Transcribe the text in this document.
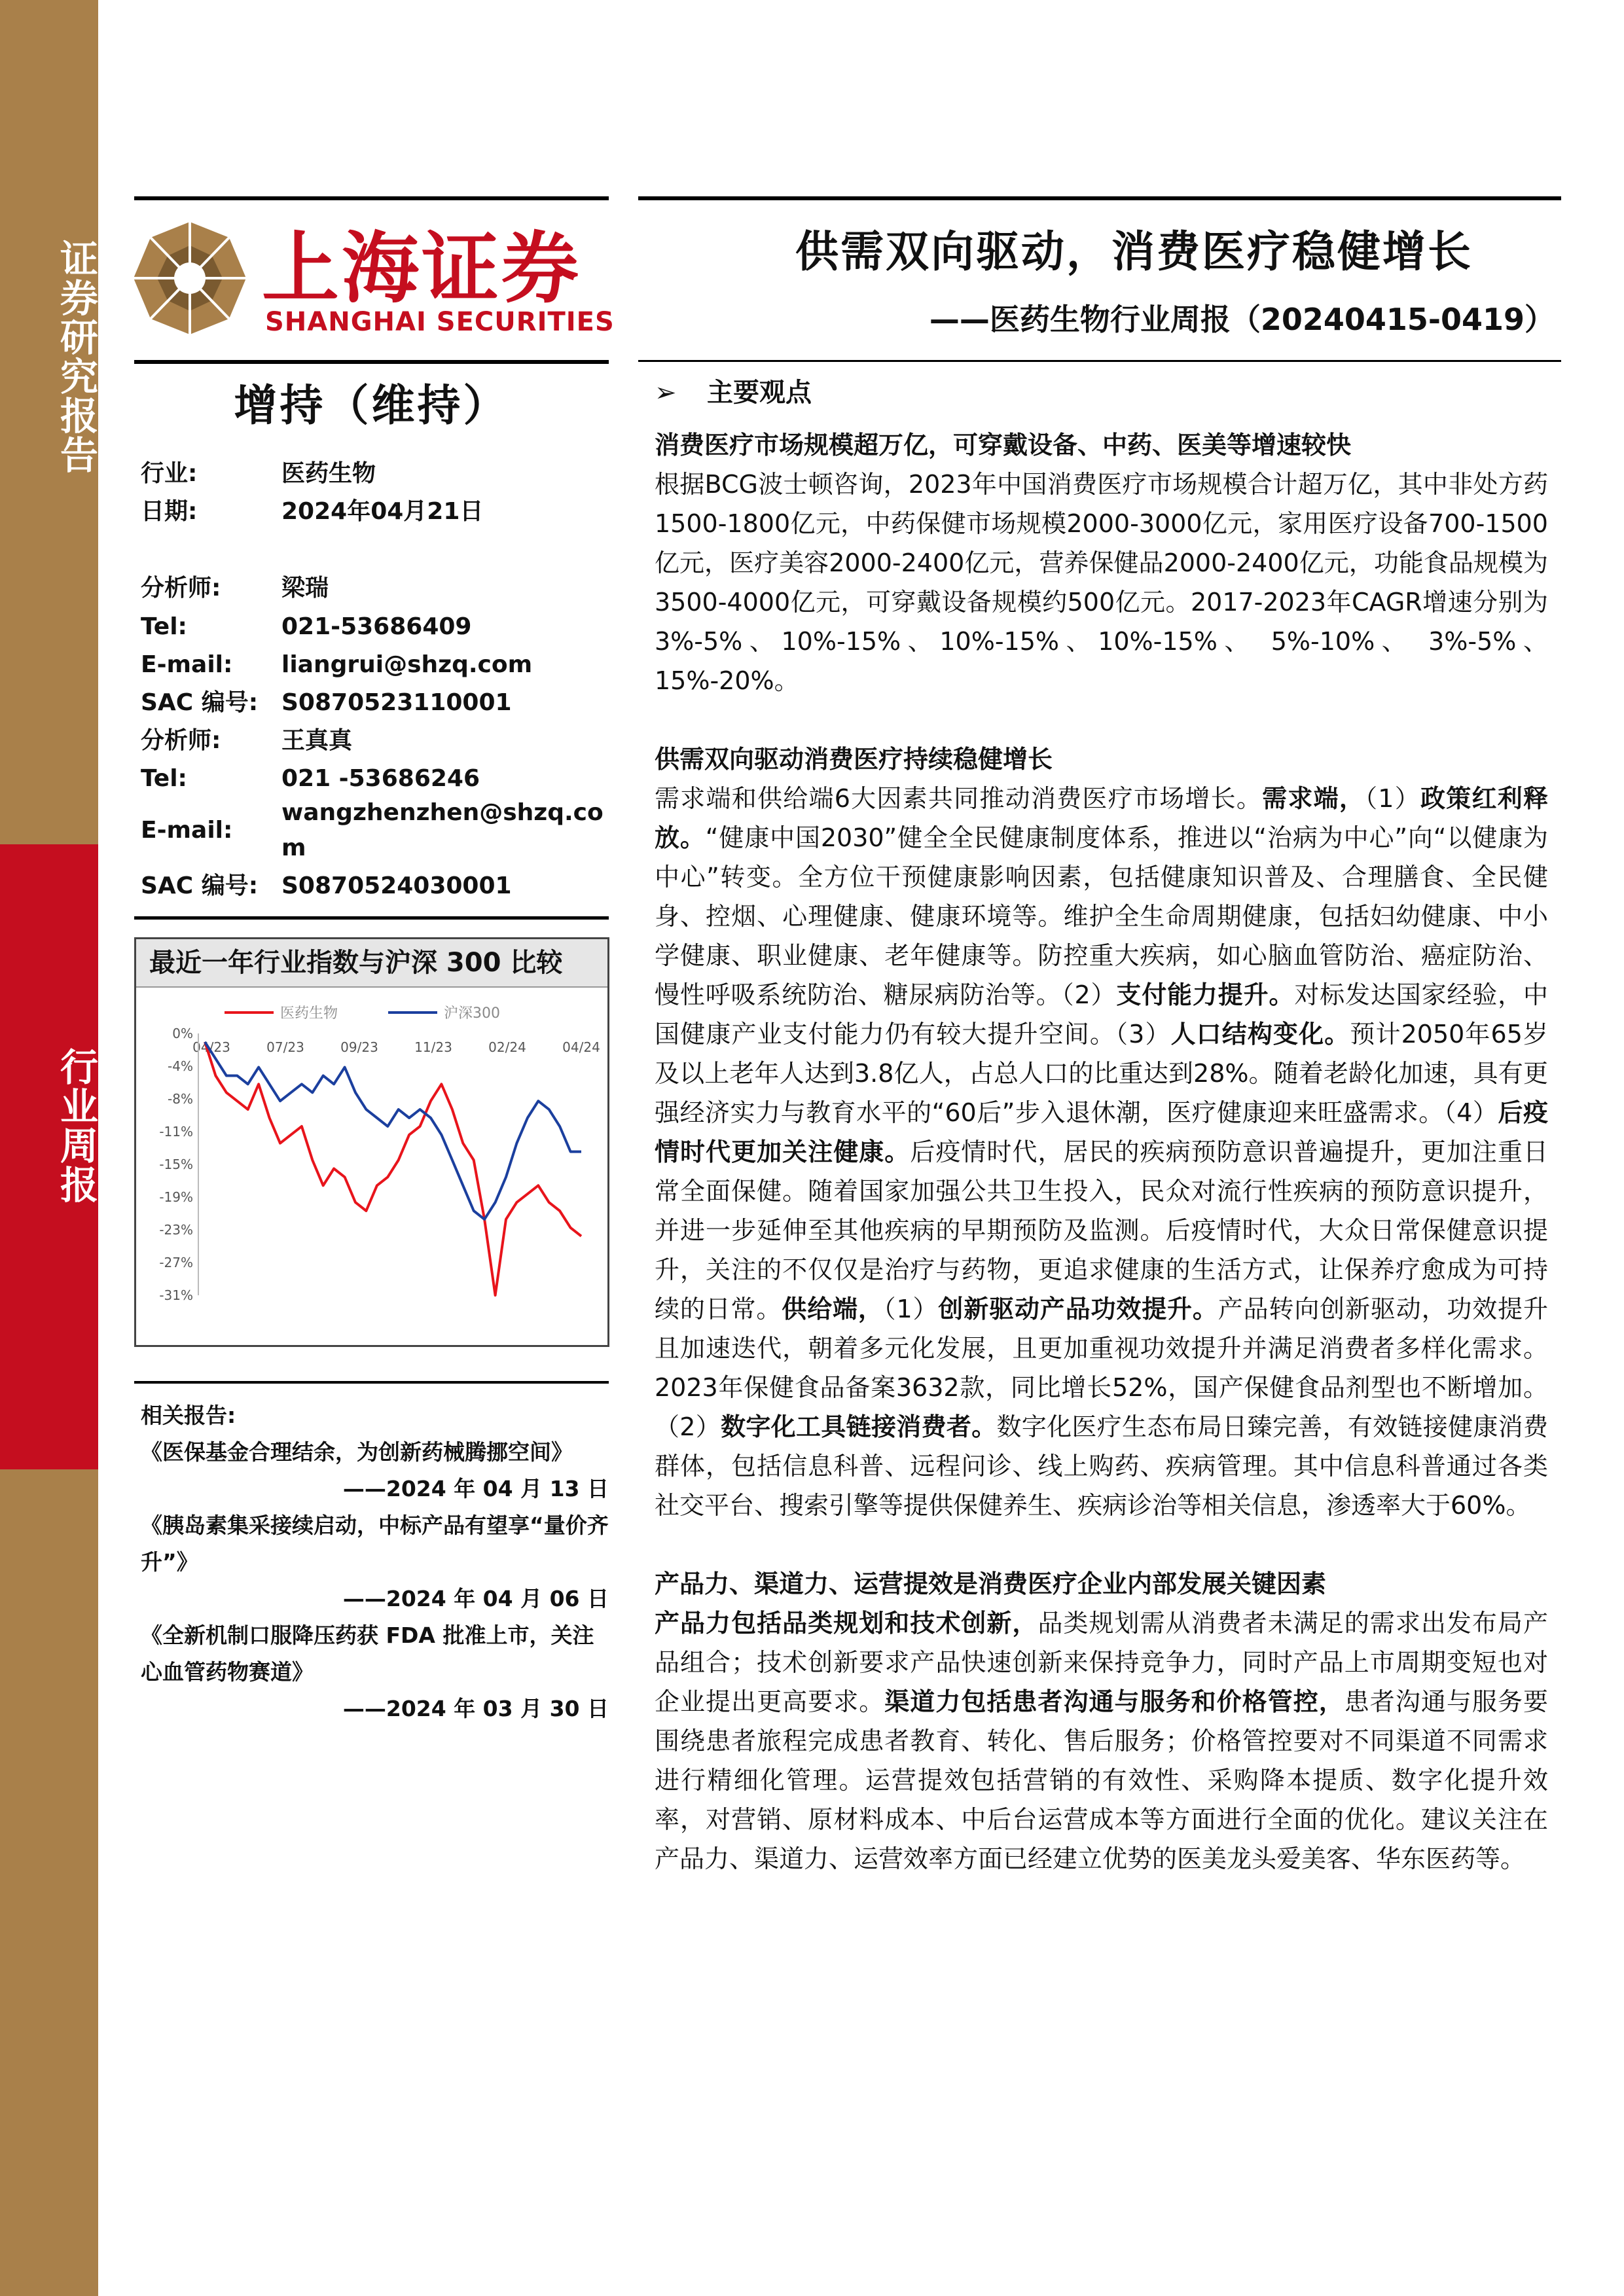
证券研究报告
行业周报
上海证券
SHANGHAI SECURITIES
供需双向驱动，消费医疗稳健增长
——医药生物行业周报（20240415-0419）
增持（维持）
行业:	医药生物
日期:	2024年04月21日
分析师:	梁瑞
Tel:	021-53686409
E-mail: liangrui@shzq.com
SAC 编号: S0870523110001
分析师:	王真真
Tel:	021 -53686246
E-mail:
wangzhenzhen@shzq.com
SAC 编号: S0870524030001
最近一年行业指数与沪深 300 比较
医药生物	沪深300
0%
-4%
-8%
-11%
-15%
-19%
-23%
-27%
-31%
04/23	07/23	09/23	11/23	02/24	04/24
相关报告:
《医保基金合理结余，为创新药械腾挪空间》
——2024 年 04 月 13 日
《胰岛素集采接续启动，中标产品有望享“量价齐升”》
——2024 年 04 月 06 日
《全新机制口服降压药获 FDA 批准上市，关注心血管药物赛道》
——2024 年 03 月 30 日
➢ 主要观点
消费医疗市场规模超万亿，可穿戴设备、中药、医美等增速较快
根据BCG波士顿咨询，2023年中国消费医疗市场规模合计超万亿，其中非处方药1500-1800亿元，中药保健市场规模2000-3000亿元，家用医疗设备700-1500亿元，医疗美容2000-2400亿元，营养保健品2000-2400亿元，功能食品规模为3500-4000亿元，可穿戴设备规模约500亿元。2017-2023年CAGR增速分别为3%-5%、10%-15%、10%-15%、10%-15%、 5%-10%、 3%-5%、15%-20%。
供需双向驱动消费医疗持续稳健增长
需求端和供给端6大因素共同推动消费医疗市场增长。需求端，（1）政策红利释放。“健康中国2030”健全全民健康制度体系，推进以“治病为中心”向“以健康为中心”转变。全方位干预健康影响因素，包括健康知识普及、合理膳食、全民健身、控烟、心理健康、健康环境等。维护全生命周期健康，包括妇幼健康、中小学健康、职业健康、老年健康等。防控重大疾病，如心脑血管防治、癌症防治、慢性呼吸系统防治、糖尿病防治等。（2）支付能力提升。对标发达国家经验，中国健康产业支付能力仍有较大提升空间。（3）人口结构变化。预计2050年65岁及以上老年人达到3.8亿人，占总人口的比重达到28%。随着老龄化加速，具有更强经济实力与教育水平的“60后”步入退休潮，医疗健康迎来旺盛需求。（4）后疫情时代更加关注健康。后疫情时代，居民的疾病预防意识普遍提升，更加注重日常全面保健。随着国家加强公共卫生投入，民众对流行性疾病的预防意识提升，并进一步延伸至其他疾病的早期预防及监测。后疫情时代，大众日常保健意识提升，关注的不仅仅是治疗与药物，更追求健康的生活方式，让保养疗愈成为可持续的日常。供给端，（1）创新驱动产品功效提升。产品转向创新驱动，功效提升且加速迭代，朝着多元化发展，且更加重视功效提升并满足消费者多样化需求。2023年保健食品备案3632款，同比增长52%，国产保健食品剂型也不断增加。（2）数字化工具链接消费者。数字化医疗生态布局日臻完善，有效链接健康消费群体，包括信息科普、远程问诊、线上购药、疾病管理。其中信息科普通过各类社交平台、搜索引擎等提供保健养生、疾病诊治等相关信息，渗透率大于60%。
产品力、渠道力、运营提效是消费医疗企业内部发展关键因素
产品力包括品类规划和技术创新，品类规划需从消费者未满足的需求出发布局产品组合；技术创新要求产品快速创新来保持竞争力，同时产品上市周期变短也对企业提出更高要求。渠道力包括患者沟通与服务和价格管控，患者沟通与服务要围绕患者旅程完成患者教育、转化、售后服务；价格管控要对不同渠道不同需求进行精细化管理。运营提效包括营销的有效性、采购降本提质、数字化提升效率，对营销、原材料成本、中后台运营成本等方面进行全面的优化。建议关注在产品力、渠道力、运营效率方面已经建立优势的医美龙头爱美客、华东医药等。
